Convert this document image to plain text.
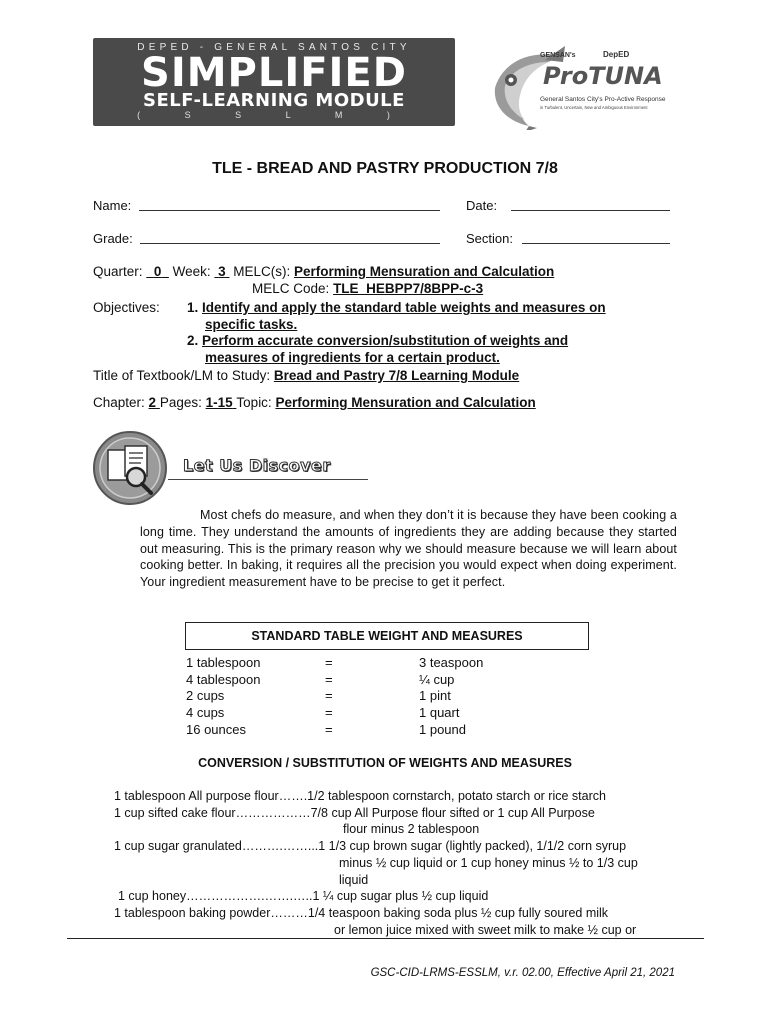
DEPED - GENERAL SANTOS CITY
SIMPLIFIED
SELF-LEARNING MODULE
( S S L M )
GENSAN's	DepED
ProTUNA
General Santos City's Pro-Active Response
in Turbulent, Uncertain, New and Ambiguous Environment
TLE - BREAD AND PASTRY PRODUCTION 7/8
Name:	Date:
Grade:	Section:
Quarter: 0 Week: 3 MELC(s): Performing Mensuration and Calculation
MELC Code: TLE_HEBPP7/8BPP-c-3
Objectives: 1. Identify and apply the standard table weights and measures on
specific tasks.
2. Perform accurate conversion/substitution of weights and
measures of ingredients for a certain product.
Title of Textbook/LM to Study: Bread and Pastry 7/8 Learning Module
Chapter: 2 Pages: 1-15 Topic: Performing Mensuration and Calculation
Let Us Discover
Most chefs do measure, and when they don’t it is because they have been cooking a long time. They understand the amounts of ingredients they are adding because they started out measuring. This is the primary reason why we should measure because we will learn about cooking better. In baking, it requires all the precision you would expect when doing experiment. Your ingredient measurement have to be precise to get it perfect.
STANDARD TABLE WEIGHT AND MEASURES
1 tablespoon	=	3 teaspoon
4 tablespoon	=	¼ cup
2 cups	=	1 pint
4 cups	=	1 quart
16 ounces	=	1 pound
CONVERSION / SUBSTITUTION OF WEIGHTS AND MEASURES
1 tablespoon All purpose flour…….1/2 tablespoon cornstarch, potato starch or rice starch
1 cup sifted cake flour………………7/8 cup All Purpose flour sifted or 1 cup All Purpose
flour minus 2 tablespoon
1 cup sugar granulated……….……...1 1/3 cup brown sugar (lightly packed), 1/1/2 corn syrup
minus ½ cup liquid or 1 cup honey minus ½ to 1/3 cup
liquid
1 cup honey……………….…….…..1 ¼ cup sugar plus ½ cup liquid
1 tablespoon baking powder………1/4 teaspoon baking soda plus ½ cup fully soured milk
or lemon juice mixed with sweet milk to make ½ cup or
GSC-CID-LRMS-ESSLM, v.r. 02.00, Effective April 21, 2021
